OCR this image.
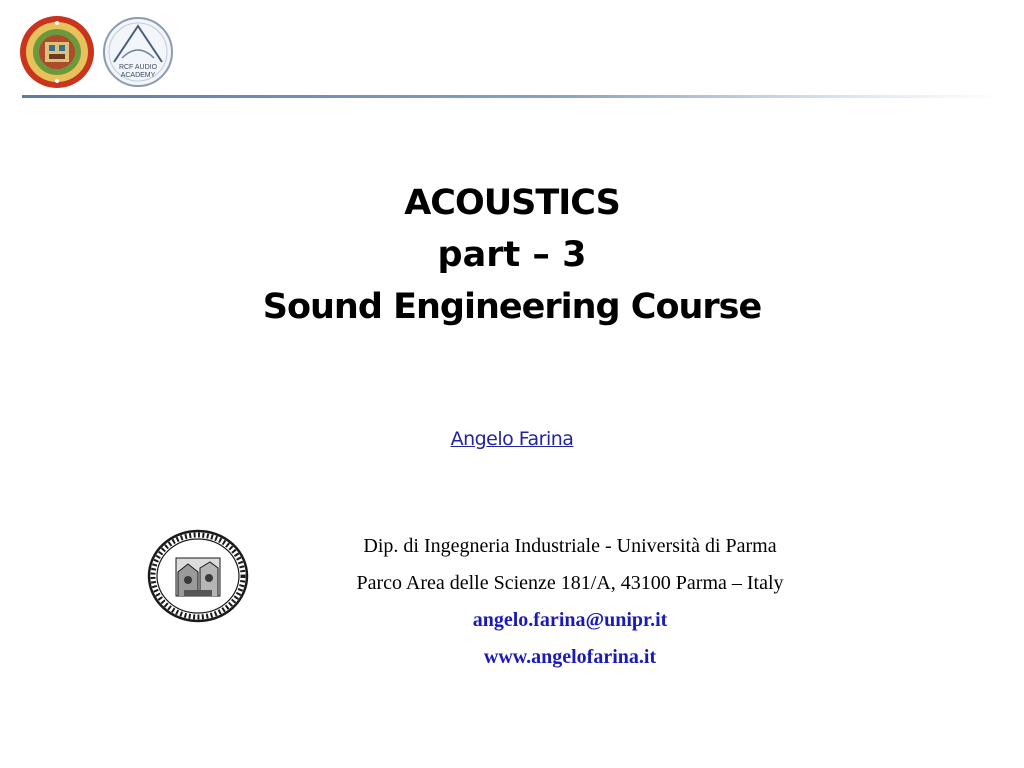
RCF AUDIO
ACADEMY
ACOUSTICS
part – 3
Sound Engineering Course
Angelo Farina
Dip. di Ingegneria Industriale - Università di Parma
Parco Area delle Scienze 181/A, 43100 Parma – Italy
angelo.farina@unipr.it
www.angelofarina.it
